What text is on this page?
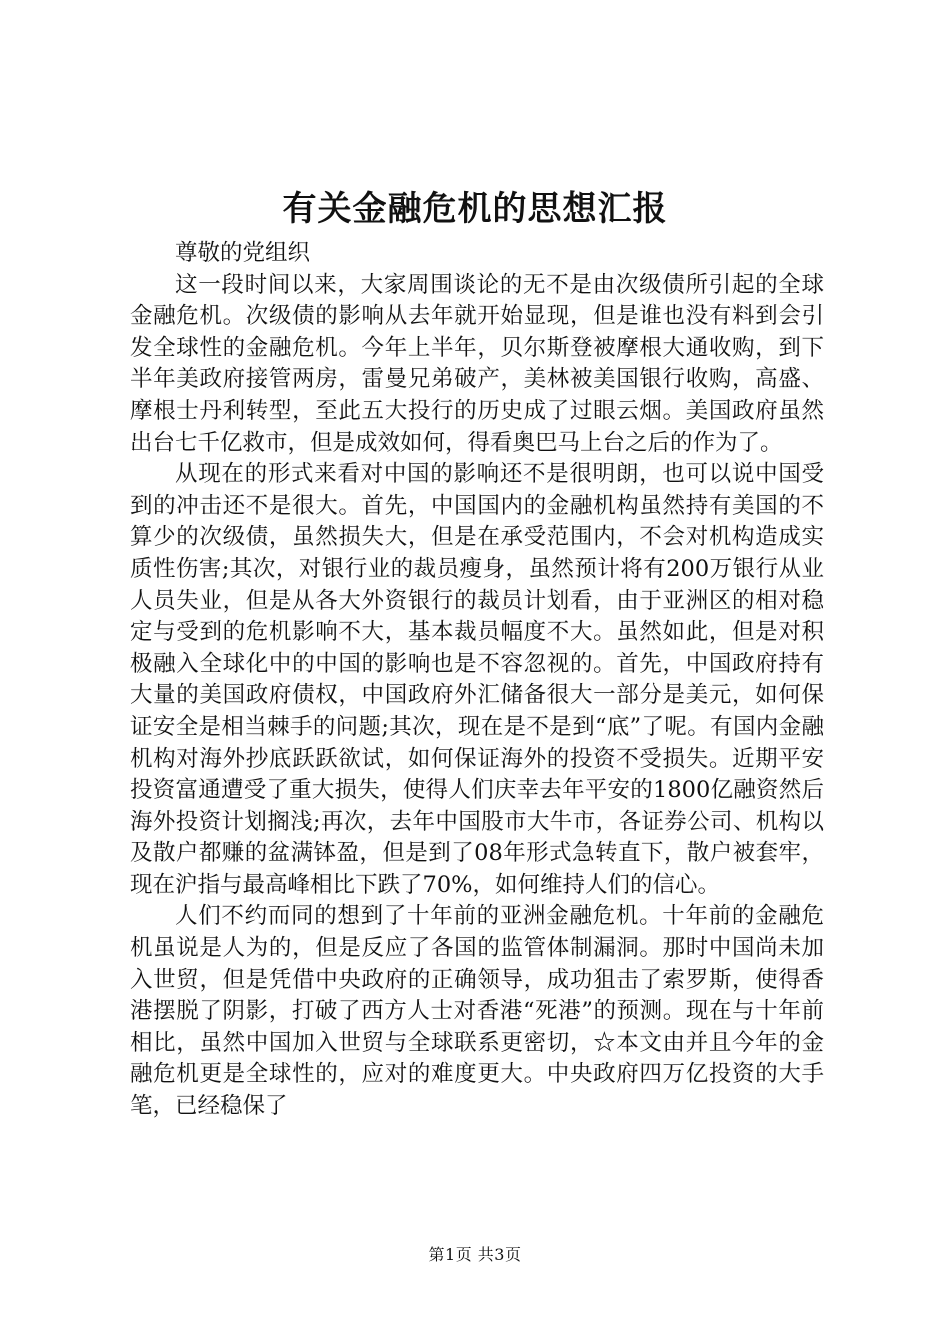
有关金融危机的思想汇报

尊敬的党组织

这一段时间以来，大家周围谈论的无不是由次级债所引起的全球金融危机。次级债的影响从去年就开始显现，但是谁也没有料到会引发全球性的金融危机。今年上半年，贝尔斯登被摩根大通收购，到下半年美政府接管两房，雷曼兄弟破产，美林被美国银行收购，高盛、摩根士丹利转型，至此五大投行的历史成了过眼云烟。美国政府虽然出台七千亿救市，但是成效如何，得看奥巴马上台之后的作为了。

从现在的形式来看对中国的影响还不是很明朗，也可以说中国受到的冲击还不是很大。首先，中国国内的金融机构虽然持有美国的不算少的次级债，虽然损失大，但是在承受范围内，不会对机构造成实质性伤害;其次，对银行业的裁员瘦身，虽然预计将有200万银行从业人员失业，但是从各大外资银行的裁员计划看，由于亚洲区的相对稳定与受到的危机影响不大，基本裁员幅度不大。虽然如此，但是对积极融入全球化中的中国的影响也是不容忽视的。首先，中国政府持有大量的美国政府债权，中国政府外汇储备很大一部分是美元，如何保证安全是相当棘手的问题;其次，现在是不是到“底”了呢。有国内金融机构对海外抄底跃跃欲试，如何保证海外的投资不受损失。近期平安投资富通遭受了重大损失，使得人们庆幸去年平安的1800亿融资然后海外投资计划搁浅;再次，去年中国股市大牛市，各证券公司、机构以及散户都赚的盆满钵盈，但是到了08年形式急转直下，散户被套牢，现在沪指与最高峰相比下跌了70%，如何维持人们的信心。

人们不约而同的想到了十年前的亚洲金融危机。十年前的金融危机虽说是人为的，但是反应了各国的监管体制漏洞。那时中国尚未加入世贸，但是凭借中央政府的正确领导，成功狙击了索罗斯，使得香港摆脱了阴影，打破了西方人士对香港“死港”的预测。现在与十年前相比，虽然中国加入世贸与全球联系更密切，☆本文由并且今年的金融危机更是全球性的，应对的难度更大。中央政府四万亿投资的大手笔，已经稳保了

第1页 共3页
